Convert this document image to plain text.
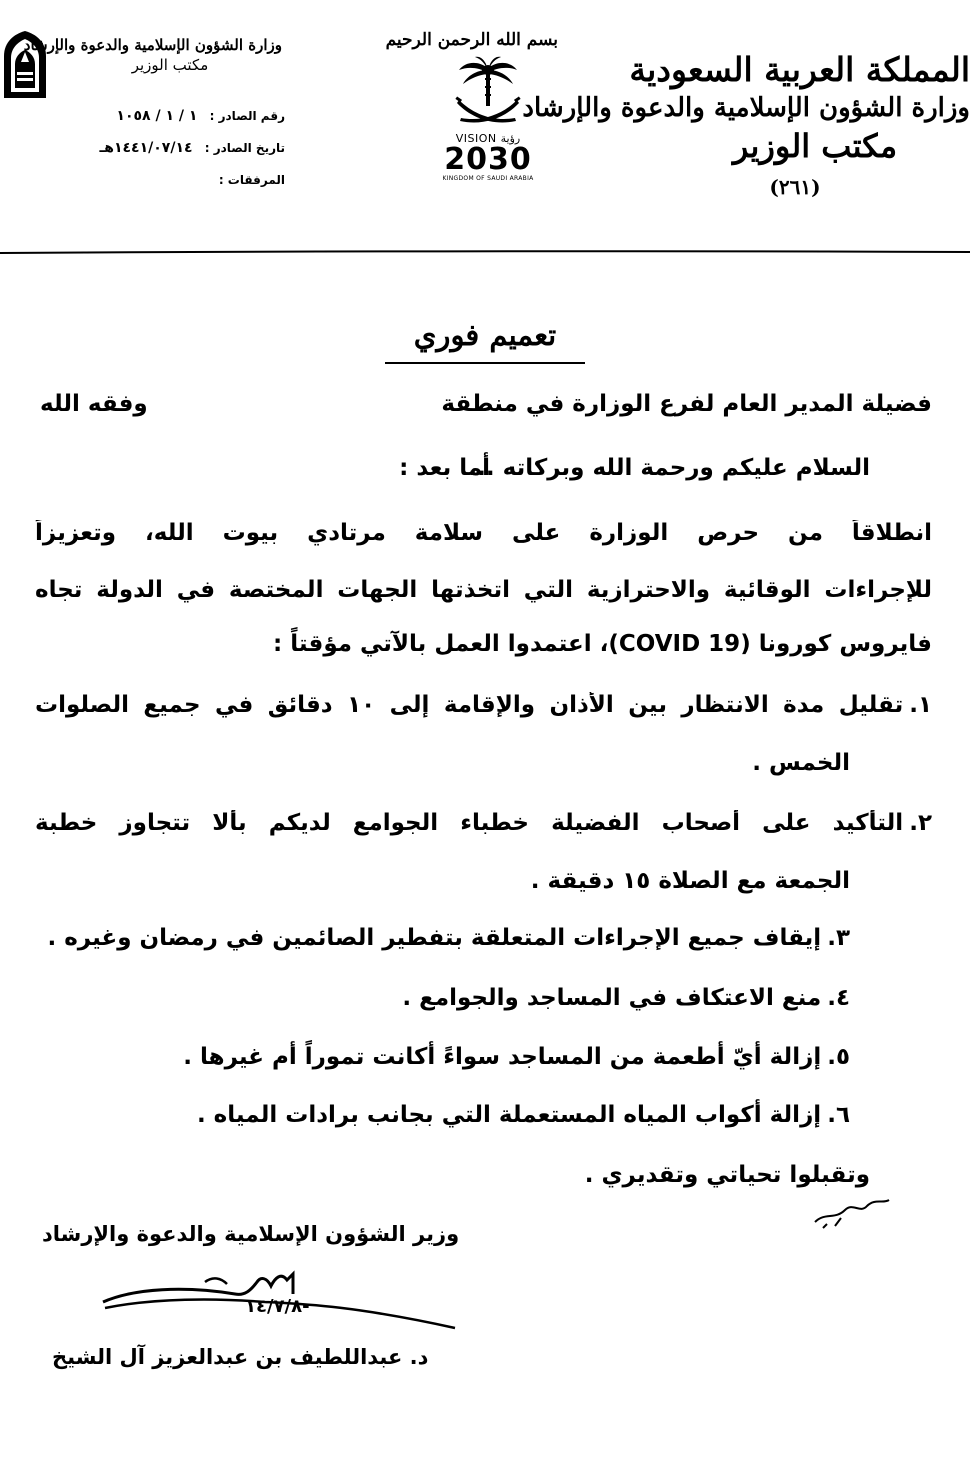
المملكة العربية السعودية
وزارة الشؤون الإسلامية والدعوة والإرشاد
مكتب الوزير
(٢٦١)
بسم الله الرحمن الرحيم
VISION رؤية
2030
KINGDOM OF SAUDI ARABIA
وزارة الشؤون الإسلامية والدعوة والإرشاد
مكتب الوزير
رقم الصادر : ١ / ١ / ١٠٥٨
تاريخ الصادر : ١٤٤١/٠٧/١٤هـ
المرفقات :
تعميم فوري
فضيلة المدير العام لفرع الوزارة في منطقة
وفقه الله
السلام عليكم ورحمة الله وبركاته ...
أما بعد :
انطلاقاً من حرص الوزارة على سلامة مرتادي بيوت الله، وتعزيزاً
للإجراءات الوقائية والاحترازية التي اتخذتها الجهات المختصة في الدولة تجاه
فايروس كورونا (COVID 19)، اعتمدوا العمل بالآتي مؤقتاً :
١.تقليل مدة الانتظار بين الأذان والإقامة إلى ١٠ دقائق في جميع الصلوات
الخمس .
٢.التأكيد على أصحاب الفضيلة خطباء الجوامع لديكم بألا تتجاوز خطبة
الجمعة مع الصلاة ١٥ دقيقة .
٣.إيقاف جميع الإجراءات المتعلقة بتفطير الصائمين في رمضان وغيره .
٤.منع الاعتكاف في المساجد والجوامع .
٥.إزالة أيّ أطعمة من المساجد سواءً أكانت تموراً أم غيرها .
٦.إزالة أكواب المياه المستعملة التي بجانب برادات المياه .
وتقبلوا تحياتي وتقديري .
وزير الشؤون الإسلامية والدعوة والإرشاد
١٤/٧/٨-
د. عبداللطيف بن عبدالعزيز آل الشيخ
